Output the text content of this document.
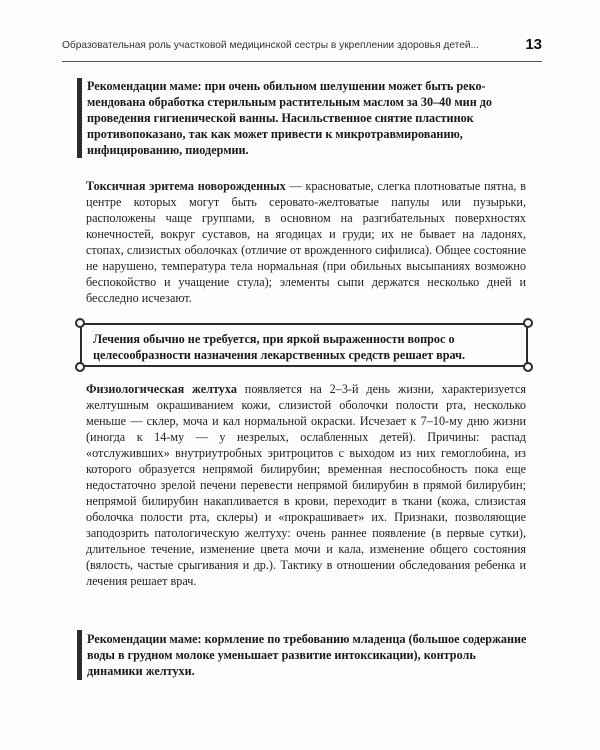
Образовательная роль участковой медицинской сестры в укреплении здоровья детей...	13
Рекомендации маме: при очень обильном шелушении может быть рекомендована обработка стерильным растительным маслом за 30–40 мин до проведения гигиенической ванны. Насильственное снятие пластинок противопоказано, так как может привести к микротравмированию, инфицированию, пиодермии.
Токсичная эритема новорожденных — красноватые, слегка плотноватые пятна, в центре которых могут быть серовато-желтоватые папулы или пузырьки, расположены чаще группами, в основном на разгибательных поверхностях конечностей, вокруг суставов, на ягодицах и груди; их не бывает на ладонях, стопах, слизистых оболочках (отличие от врожденного сифилиса). Общее состояние не нарушено, температура тела нормальная (при обильных высыпаниях возможно беспокойство и учащение стула); элементы сыпи держатся несколько дней и бесследно исчезают.
Лечения обычно не требуется, при яркой выраженности вопрос о целесообразности назначения лекарственных средств решает врач.
Физиологическая желтуха появляется на 2–3-й день жизни, характеризуется желтушным окрашиванием кожи, слизистой оболочки полости рта, несколько меньше — склер, моча и кал нормальной окраски. Исчезает к 7–10-му дню жизни (иногда к 14-му — у незрелых, ослабленных детей). Причины: распад «отслуживших» внутриутробных эритроцитов с выходом из них гемоглобина, из которого образуется непрямой билирубин; временная неспособность пока еще недостаточно зрелой печени перевести непрямой билирубин в прямой билирубин; непрямой билирубин накапливается в крови, переходит в ткани (кожа, слизистая оболочка полости рта, склеры) и «прокрашивает» их. Признаки, позволяющие заподозрить патологическую желтуху: очень раннее появление (в первые сутки), длительное течение, изменение цвета мочи и кала, изменение общего состояния (вялость, частые срыгивания и др.). Тактику в отношении обследования ребенка и лечения решает врач.
Рекомендации маме: кормление по требованию младенца (большое содержание воды в грудном молоке уменьшает развитие интоксикации), контроль динамики желтухи.
